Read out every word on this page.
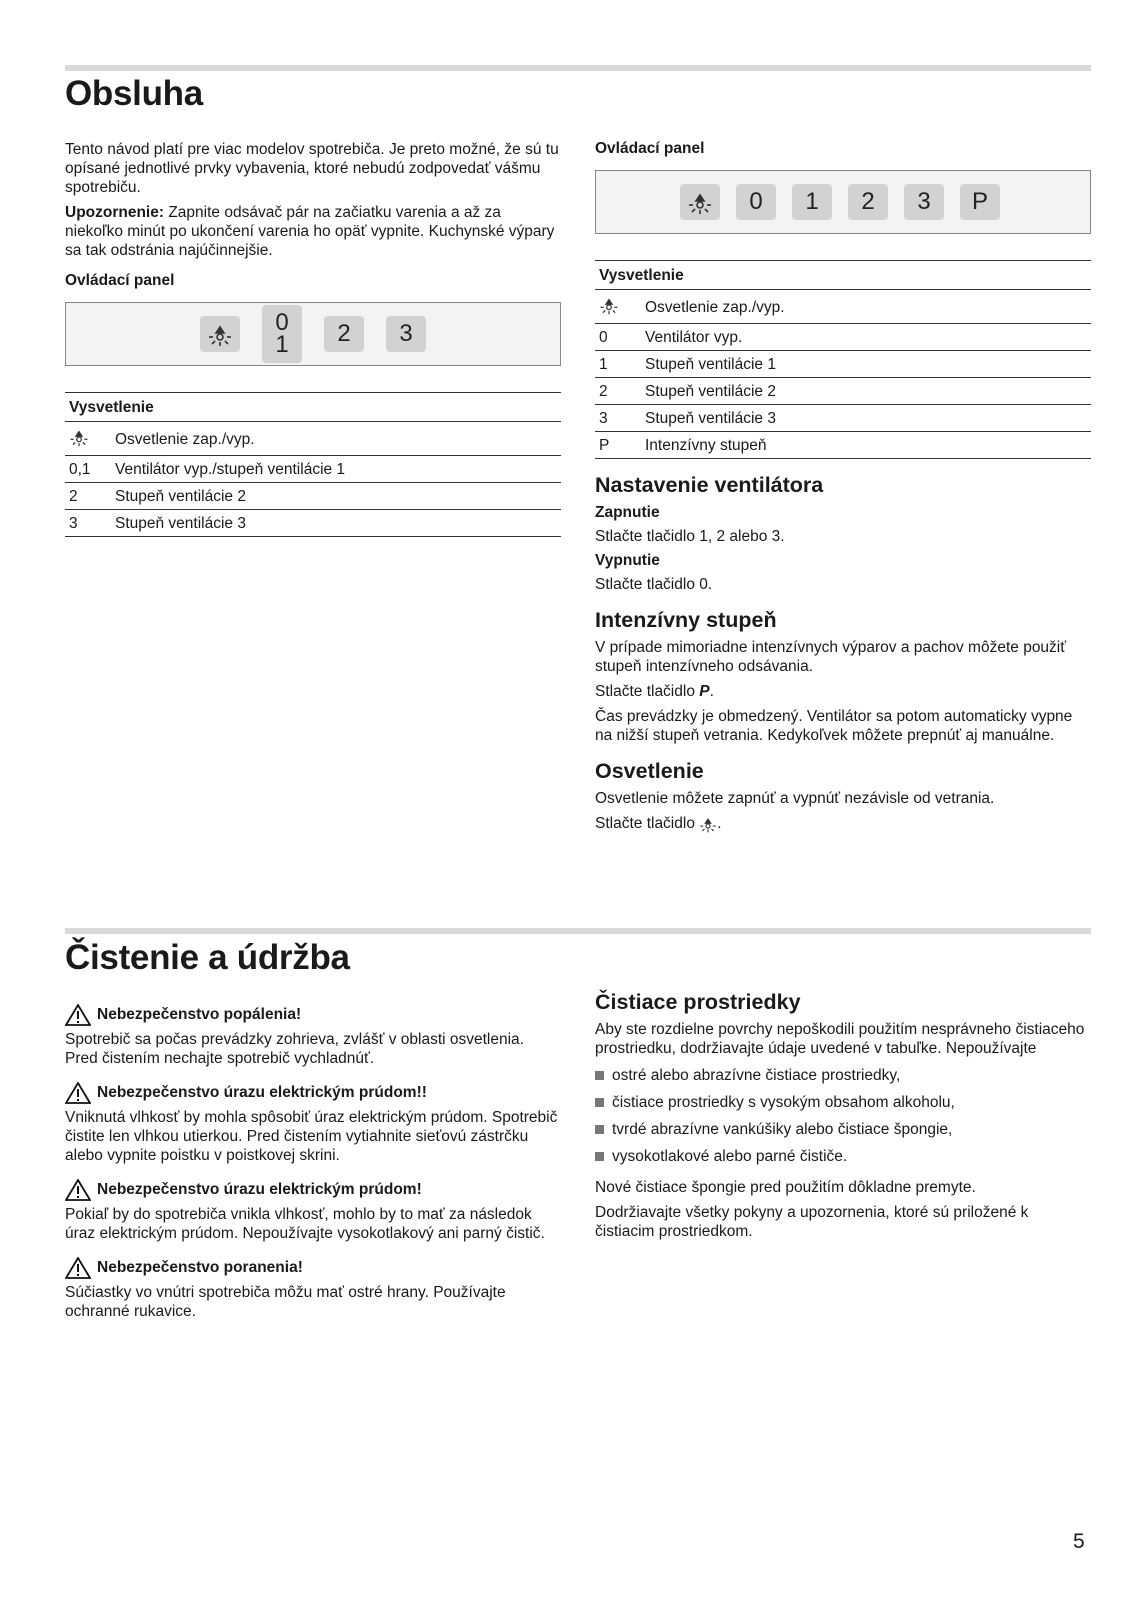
Obsluha

Tento návod platí pre viac modelov spotrebiča. Je preto možné, že sú tu opísané jednotlivé prvky vybavenia, ktoré nebudú zodpovedať vášmu spotrebiču.

Upozornenie: Zapnite odsávač pár na začiatku varenia a až za niekoľko minút po ukončení varenia ho opäť vypnite. Kuchynské výpary sa tak odstránia najúčinnejšie.

Ovládací panel
0
1	2	3
Vysvetlenie	
	Osvetlenie zap./vyp.
0,1	Ventilátor vyp./stupeň ventilácie 1
2	Stupeň ventilácie 2
3	Stupeň ventilácie 3
Ovládací panel
0	1	2	3	P
Vysvetlenie	
	Osvetlenie zap./vyp.
0	Ventilátor vyp.
1	Stupeň ventilácie 1
2	Stupeň ventilácie 2
3	Stupeň ventilácie 3
P	Intenzívny stupeň
Nastavenie ventilátora
Zapnutie

Stlačte tlačidlo 1, 2 alebo 3.

Vypnutie

Stlačte tlačidlo 0.

Intenzívny stupeň

V prípade mimoriadne intenzívnych výparov a pachov môžete použiť stupeň intenzívneho odsávania.

Stlačte tlačidlo P.

Čas prevádzky je obmedzený. Ventilátor sa potom automaticky vypne na nižší stupeň vetrania. Kedykoľvek môžete prepnúť aj manuálne.

Osvetlenie

Osvetlenie môžete zapnúť a vypnúť nezávisle od vetrania.

Stlačte tlačidlo .

Čistenie a údržba
Nebezpečenstvo popálenia!

Spotrebič sa počas prevádzky zohrieva, zvlášť v oblasti osvetlenia. Pred čistením nechajte spotrebič vychladnúť.

Nebezpečenstvo úrazu elektrickým prúdom!!

Vniknutá vlhkosť by mohla spôsobiť úraz elektrickým prúdom. Spotrebič čistite len vlhkou utierkou. Pred čistením vytiahnite sieťovú zástrčku alebo vypnite poistku v poistkovej skrini.

Nebezpečenstvo úrazu elektrickým prúdom!

Pokiaľ by do spotrebiča vnikla vlhkosť, mohlo by to mať za následok úraz elektrickým prúdom. Nepoužívajte vysokotlakový ani parný čistič.

Nebezpečenstvo poranenia!

Súčiastky vo vnútri spotrebiča môžu mať ostré hrany. Používajte ochranné rukavice.

Čistiace prostriedky

Aby ste rozdielne povrchy nepoškodili použitím nesprávneho čistiaceho prostriedku, dodržiavajte údaje uvedené v tabuľke. Nepoužívajte

ostré alebo abrazívne čistiace prostriedky,
čistiace prostriedky s vysokým obsahom alkoholu,
tvrdé abrazívne vankúšiky alebo čistiace špongie,
vysokotlakové alebo parné čističe.

Nové čistiace špongie pred použitím dôkladne premyte.

Dodržiavajte všetky pokyny a upozornenia, ktoré sú priložené k čistiacim prostriedkom.

5
